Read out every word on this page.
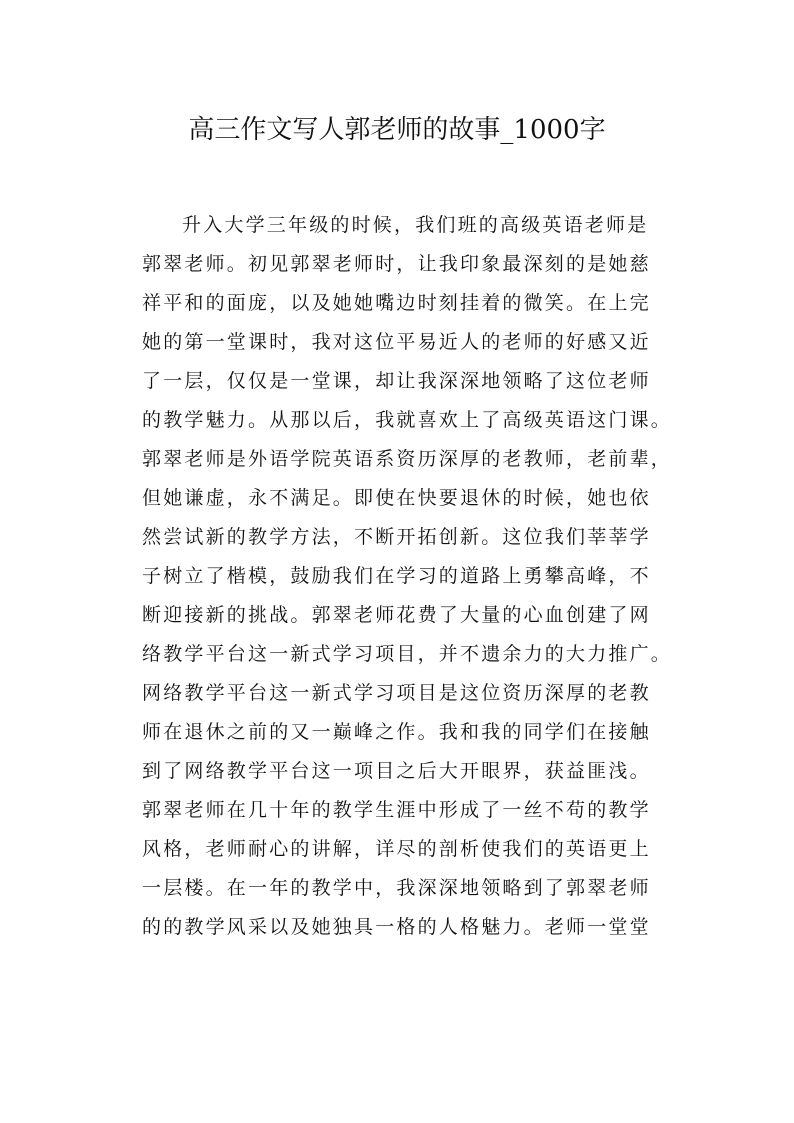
高三作文写人郭老师的故事_1000字
升入大学三年级的时候，我们班的高级英语老师是
郭翠老师。初见郭翠老师时，让我印象最深刻的是她慈
祥平和的面庞，以及她她嘴边时刻挂着的微笑。在上完
她的第一堂课时，我对这位平易近人的老师的好感又近
了一层，仅仅是一堂课，却让我深深地领略了这位老师
的教学魅力。从那以后，我就喜欢上了高级英语这门课。
郭翠老师是外语学院英语系资历深厚的老教师，老前辈，
但她谦虚，永不满足。即使在快要退休的时候，她也依
然尝试新的教学方法，不断开拓创新。这位我们莘莘学
子树立了楷模，鼓励我们在学习的道路上勇攀高峰，不
断迎接新的挑战。郭翠老师花费了大量的心血创建了网
络教学平台这一新式学习项目，并不遗余力的大力推广。
网络教学平台这一新式学习项目是这位资历深厚的老教
师在退休之前的又一巅峰之作。我和我的同学们在接触
到了网络教学平台这一项目之后大开眼界，获益匪浅。
郭翠老师在几十年的教学生涯中形成了一丝不苟的教学
风格，老师耐心的讲解，详尽的剖析使我们的英语更上
一层楼。在一年的教学中，我深深地领略到了郭翠老师
的的教学风采以及她独具一格的人格魅力。老师一堂堂
